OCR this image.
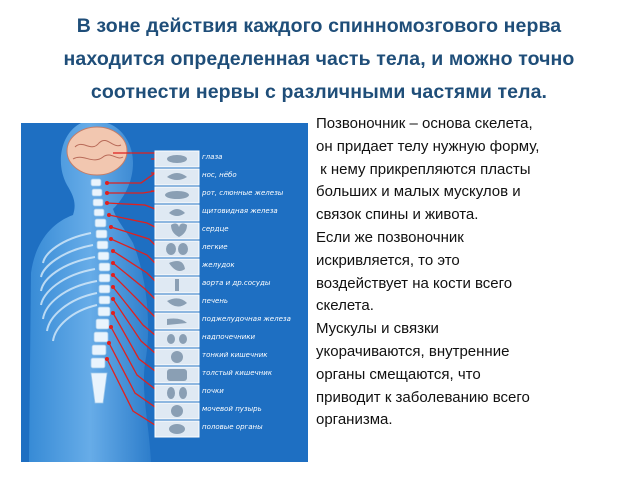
В зоне действия каждого спинномозгового нерва
находится определенная часть тела, и можно точно
соотнести нервы с различными частями тела.
глаза
нос, нёбо
рот, слюнные железы
щитовидная железа
сердце
легкие
желудок
аорта и др.сосуды
печень
поджелудочная железа
надпочечники
тонкий кишечник
толстый кишечник
почки
мочевой пузырь
половые органы
Позвоночник – основа скелета,
он придает телу нужную форму,
к нему прикрепляются пласты
больших и малых мускулов и
связок спины и живота.
Если же позвоночник
искривляется, то это
воздействует на кости всего
скелета.
Мускулы и связки
укорачиваются, внутренние
органы смещаются, что
приводит к заболеванию всего
организма.
